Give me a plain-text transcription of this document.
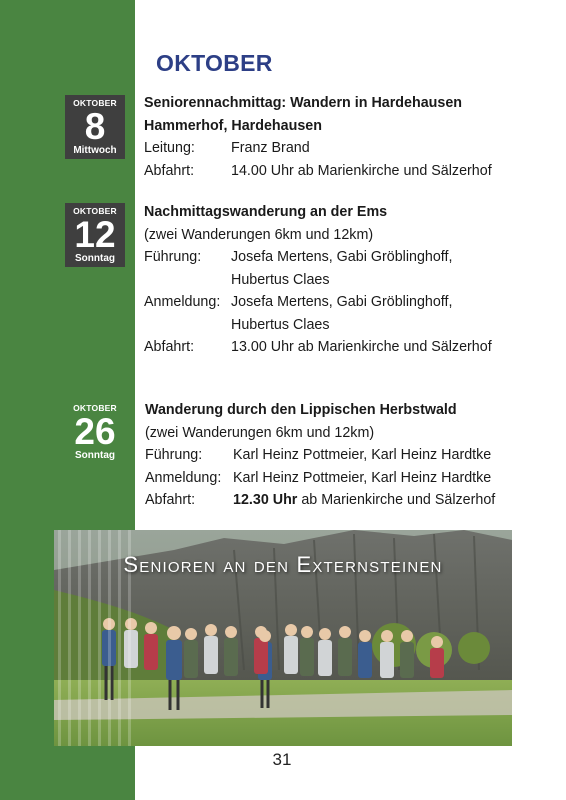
OKTOBER
OKTOBER
8
Mittwoch
Seniorennachmittag: Wandern in Hardehausen
Hammerhof, Hardehausen
Leitung:	Franz Brand
Abfahrt:	14.00 Uhr ab Marienkirche und Sälzerhof
OKTOBER
12
Sonntag
Nachmittagswanderung an der Ems
(zwei Wanderungen 6km und 12km)
Führung:	Josefa Mertens, Gabi Gröblinghoff,
Hubertus Claes
Anmeldung: Josefa Mertens, Gabi Gröblinghoff,
Hubertus Claes
Abfahrt:	13.00 Uhr ab Marienkirche und Sälzerhof
OKTOBER
26
Sonntag
Wanderung durch den Lippischen Herbstwald
(zwei Wanderungen 6km und 12km)
Führung:	Karl Heinz Pottmeier, Karl Heinz Hardtke
Anmeldung: Karl Heinz Pottmeier, Karl Heinz Hardtke
Abfahrt:	12.30 Uhr ab Marienkirche und Sälzerhof
Senioren an den Externsteinen
31
